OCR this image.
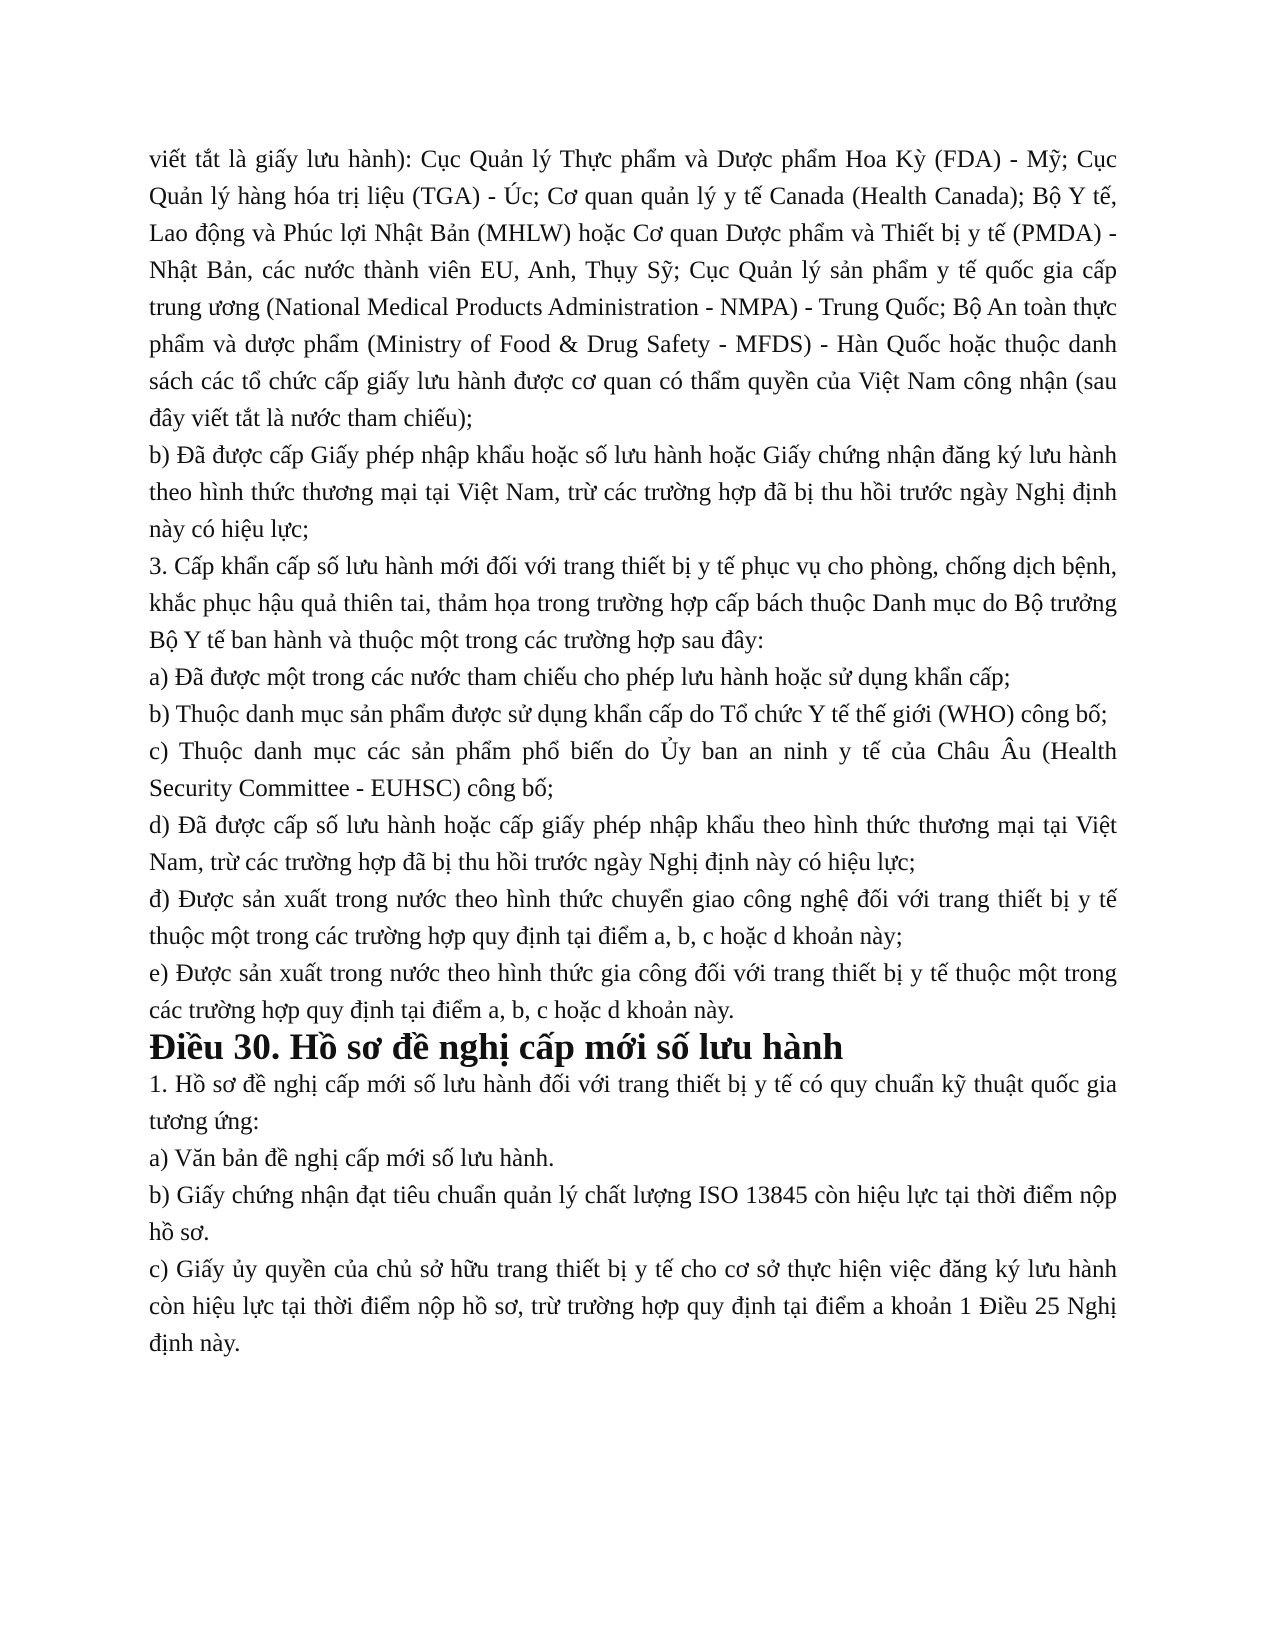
viết tắt là giấy lưu hành): Cục Quản lý Thực phẩm và Dược phẩm Hoa Kỳ (FDA) - Mỹ; Cục Quản lý hàng hóa trị liệu (TGA) - Úc; Cơ quan quản lý y tế Canada (Health Canada); Bộ Y tế, Lao động và Phúc lợi Nhật Bản (MHLW) hoặc Cơ quan Dược phẩm và Thiết bị y tế (PMDA) - Nhật Bản, các nước thành viên EU, Anh, Thụy Sỹ; Cục Quản lý sản phẩm y tế quốc gia cấp trung ương (National Medical Products Administration - NMPA) - Trung Quốc; Bộ An toàn thực phẩm và dược phẩm (Ministry of Food & Drug Safety - MFDS) - Hàn Quốc hoặc thuộc danh sách các tổ chức cấp giấy lưu hành được cơ quan có thẩm quyền của Việt Nam công nhận (sau đây viết tắt là nước tham chiếu);

b) Đã được cấp Giấy phép nhập khẩu hoặc số lưu hành hoặc Giấy chứng nhận đăng ký lưu hành theo hình thức thương mại tại Việt Nam, trừ các trường hợp đã bị thu hồi trước ngày Nghị định này có hiệu lực;

3. Cấp khẩn cấp số lưu hành mới đối với trang thiết bị y tế phục vụ cho phòng, chống dịch bệnh, khắc phục hậu quả thiên tai, thảm họa trong trường hợp cấp bách thuộc Danh mục do Bộ trưởng Bộ Y tế ban hành và thuộc một trong các trường hợp sau đây:

a) Đã được một trong các nước tham chiếu cho phép lưu hành hoặc sử dụng khẩn cấp;

b) Thuộc danh mục sản phẩm được sử dụng khẩn cấp do Tổ chức Y tế thế giới (WHO) công bố;

c) Thuộc danh mục các sản phẩm phổ biến do Ủy ban an ninh y tế của Châu Âu (Health Security Committee - EUHSC) công bố;

d) Đã được cấp số lưu hành hoặc cấp giấy phép nhập khẩu theo hình thức thương mại tại Việt Nam, trừ các trường hợp đã bị thu hồi trước ngày Nghị định này có hiệu lực;

đ) Được sản xuất trong nước theo hình thức chuyển giao công nghệ đối với trang thiết bị y tế thuộc một trong các trường hợp quy định tại điểm a, b, c hoặc d khoản này;

e) Được sản xuất trong nước theo hình thức gia công đối với trang thiết bị y tế thuộc một trong các trường hợp quy định tại điểm a, b, c hoặc d khoản này.

Điều 30. Hồ sơ đề nghị cấp mới số lưu hành

1. Hồ sơ đề nghị cấp mới số lưu hành đối với trang thiết bị y tế có quy chuẩn kỹ thuật quốc gia tương ứng:

a) Văn bản đề nghị cấp mới số lưu hành.

b) Giấy chứng nhận đạt tiêu chuẩn quản lý chất lượng ISO 13845 còn hiệu lực tại thời điểm nộp hồ sơ.

c) Giấy ủy quyền của chủ sở hữu trang thiết bị y tế cho cơ sở thực hiện việc đăng ký lưu hành còn hiệu lực tại thời điểm nộp hồ sơ, trừ trường hợp quy định tại điểm a khoản 1 Điều 25 Nghị định này.
